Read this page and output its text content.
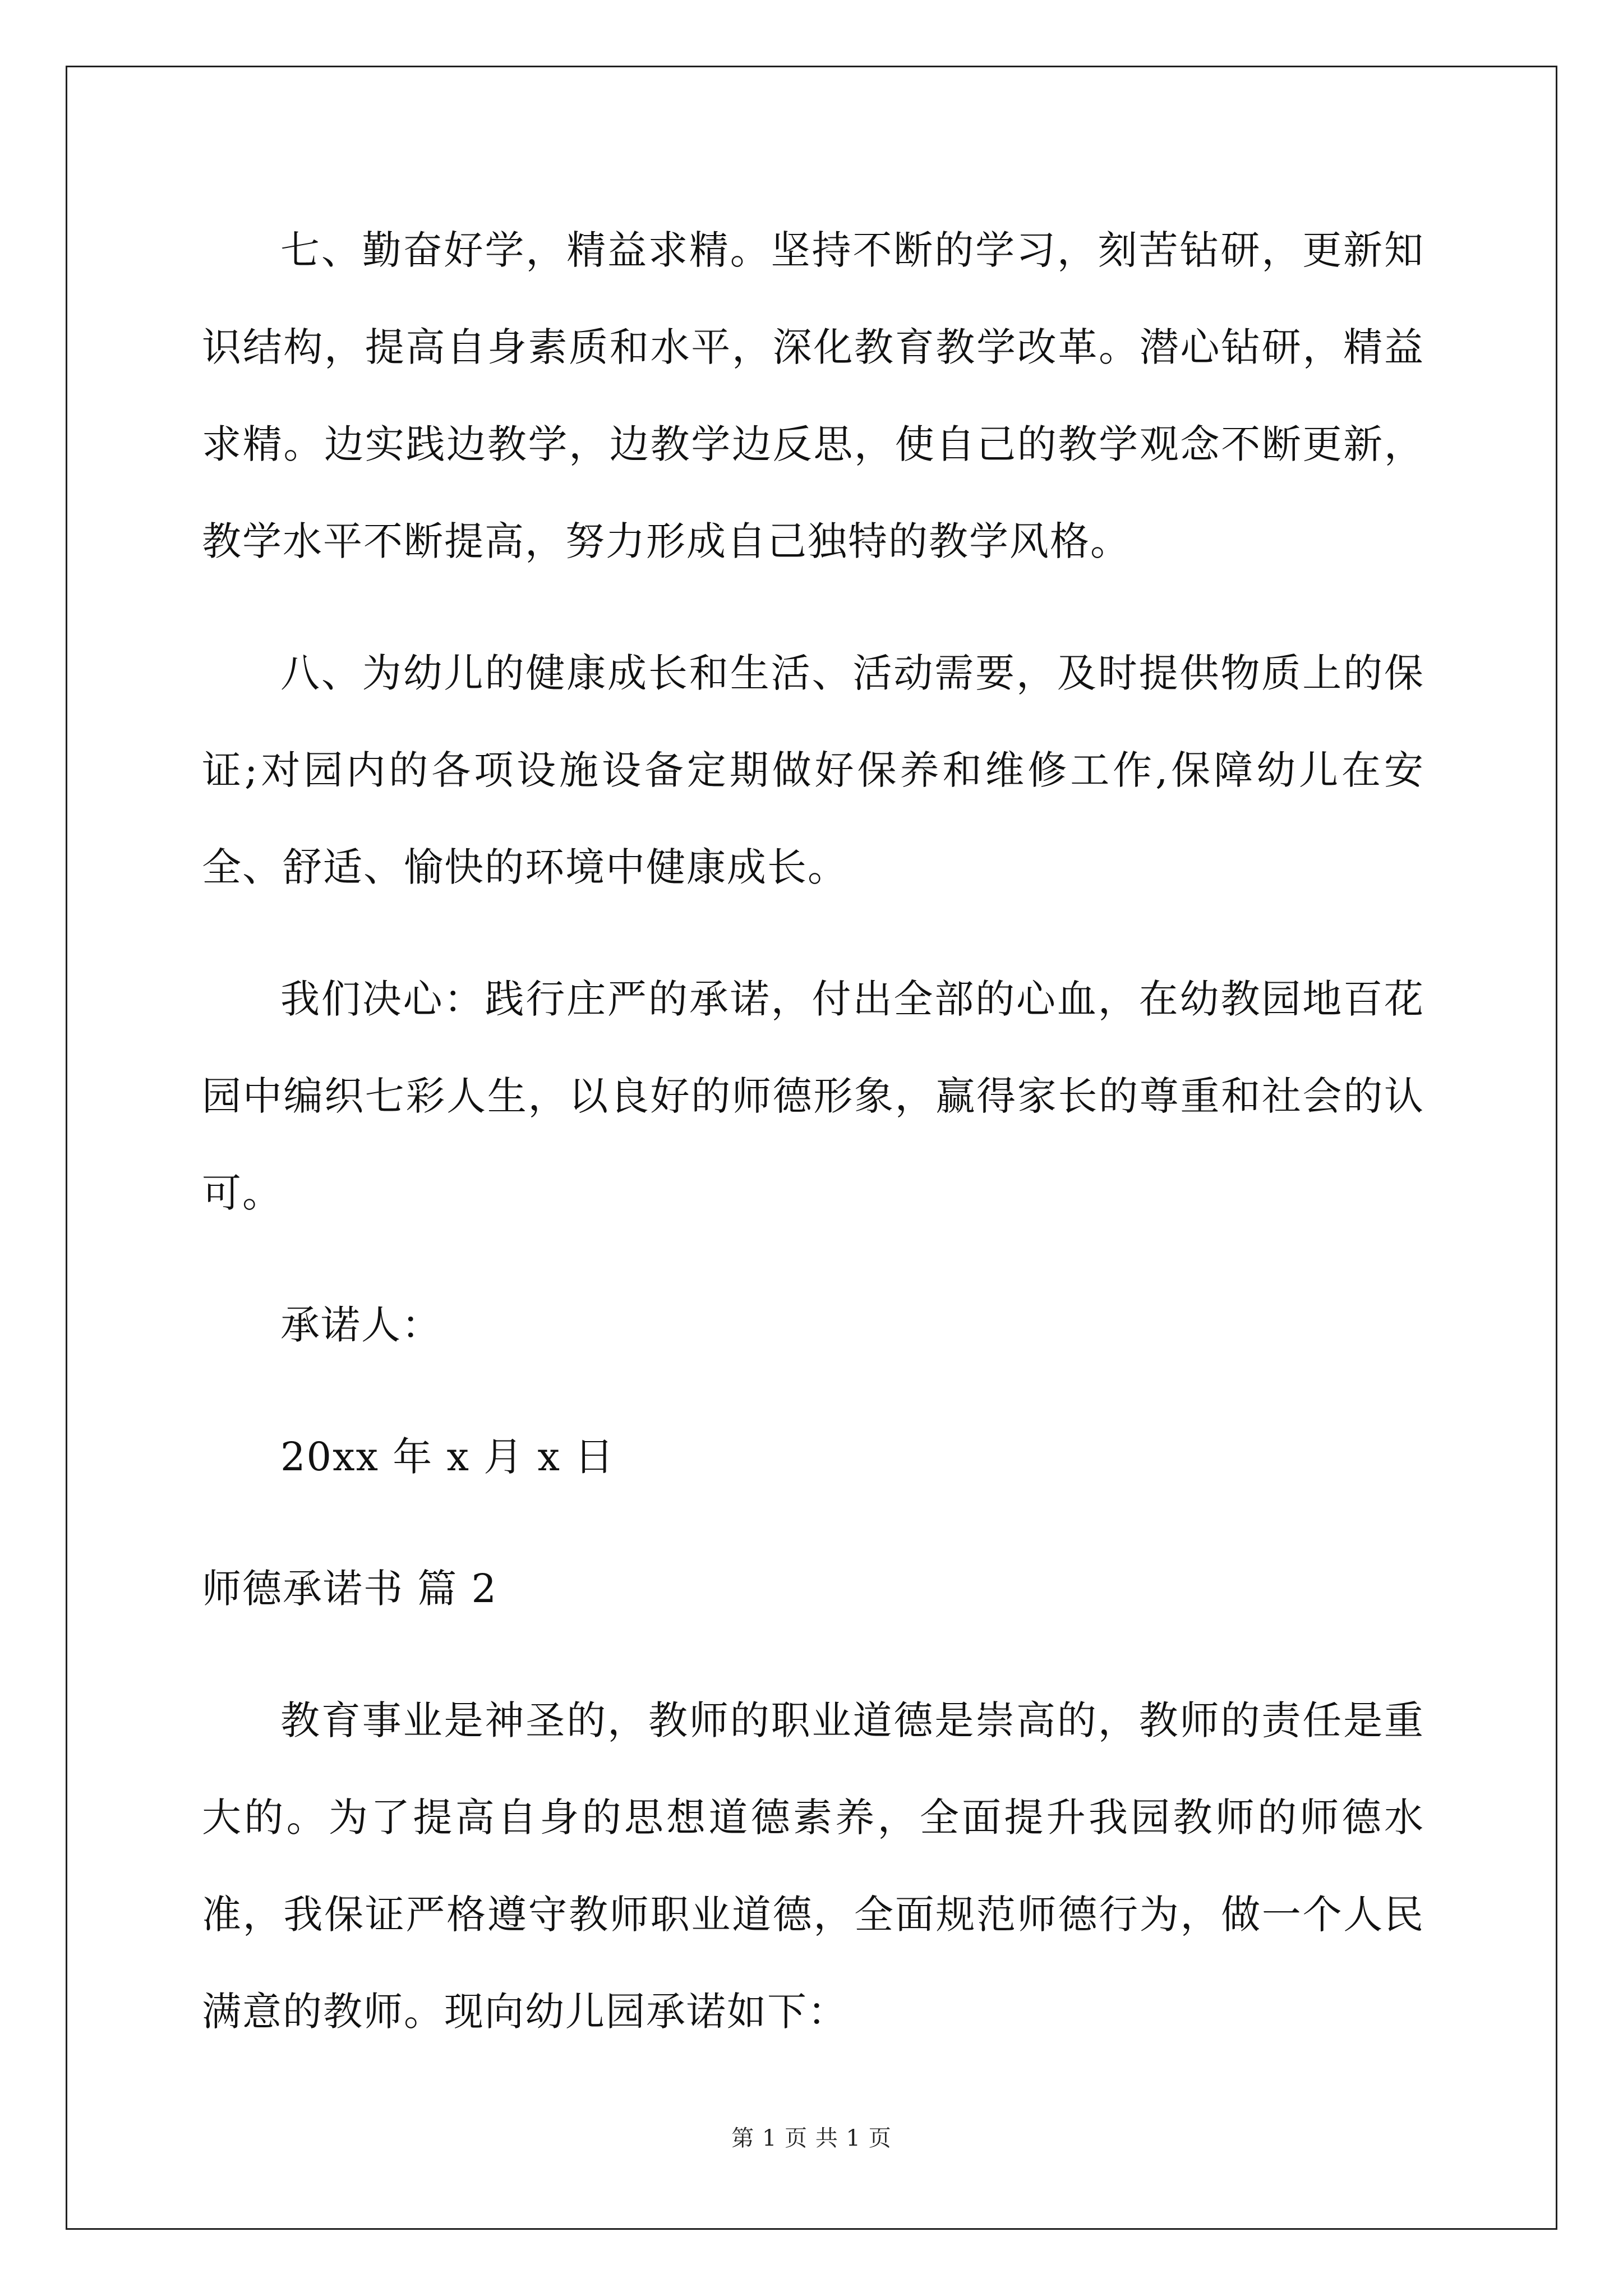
七、勤奋好学，精益求精。坚持不断的学习，刻苦钻研，更新知识结构，提高自身素质和水平，深化教育教学改革。潜心钻研，精益求精。边实践边教学，边教学边反思，使自己的教学观念不断更新，教学水平不断提高，努力形成自己独特的教学风格。

八、为幼儿的健康成长和生活、活动需要，及时提供物质上的保证;对园内的各项设施设备定期做好保养和维修工作,保障幼儿在安全、舒适、愉快的环境中健康成长。

我们决心：践行庄严的承诺，付出全部的心血，在幼教园地百花园中编织七彩人生，以良好的师德形象，赢得家长的尊重和社会的认可。

承诺人：

20xx 年 x 月 x 日

师德承诺书 篇 2

教育事业是神圣的，教师的职业道德是崇高的，教师的责任是重大的。为了提高自身的思想道德素养，全面提升我园教师的师德水准，我保证严格遵守教师职业道德，全面规范师德行为，做一个人民满意的教师。现向幼儿园承诺如下：

第 1 页 共 1 页
